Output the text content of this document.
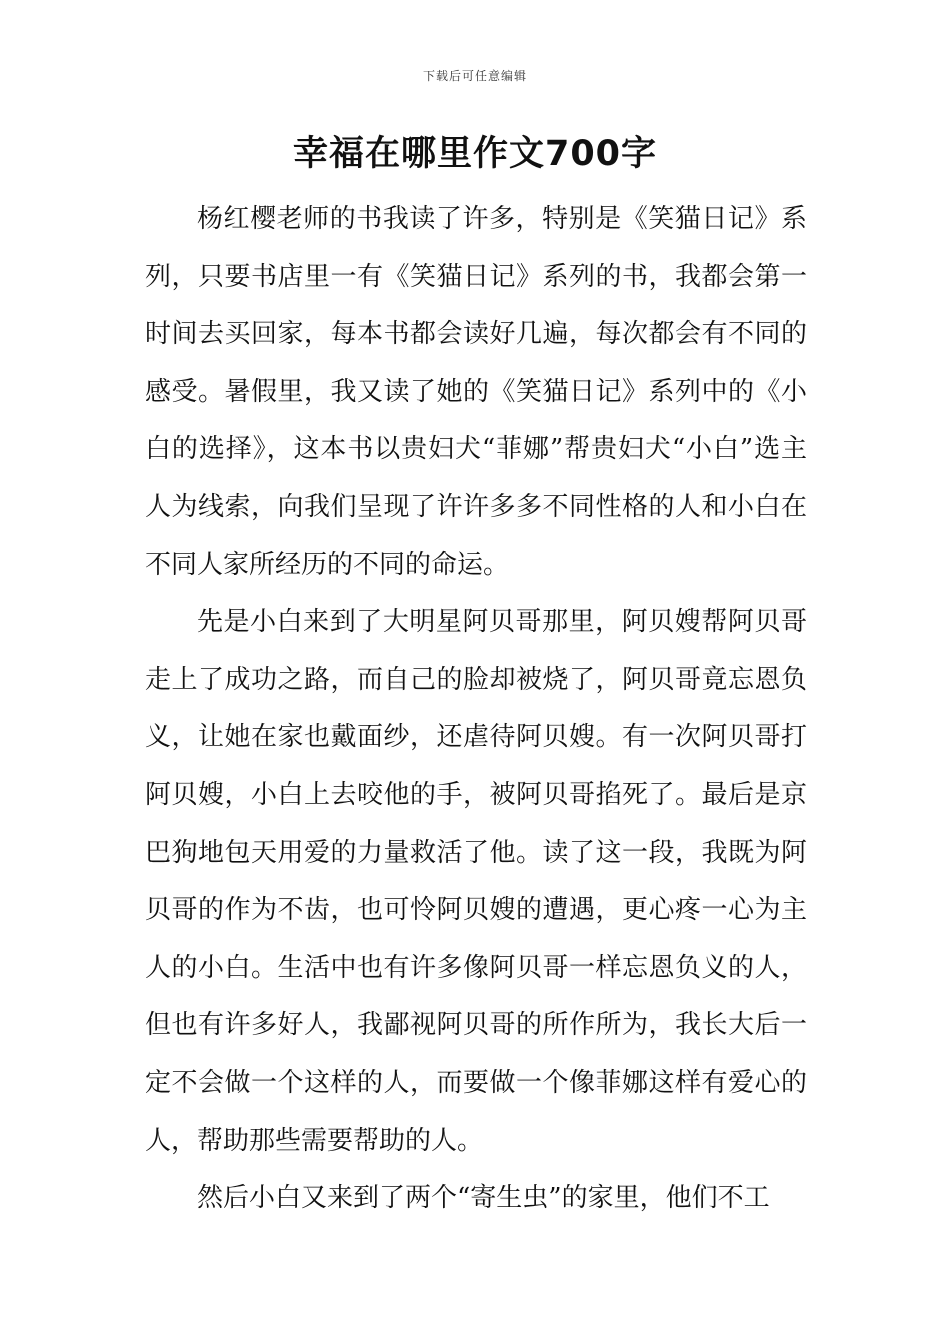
下载后可任意编辑
幸福在哪里作文700字

杨红樱老师的书我读了许多，特别是《笑猫日记》系列，只要书店里一有《笑猫日记》系列的书，我都会第一时间去买回家，每本书都会读好几遍，每次都会有不同的感受。暑假里，我又读了她的《笑猫日记》系列中的《小白的选择》，这本书以贵妇犬“菲娜”帮贵妇犬“小白”选主人为线索，向我们呈现了许许多多不同性格的人和小白在不同人家所经历的不同的命运。

先是小白来到了大明星阿贝哥那里，阿贝嫂帮阿贝哥走上了成功之路，而自己的脸却被烧了，阿贝哥竟忘恩负义，让她在家也戴面纱，还虐待阿贝嫂。有一次阿贝哥打阿贝嫂，小白上去咬他的手，被阿贝哥掐死了。最后是京巴狗地包天用爱的力量救活了他。读了这一段，我既为阿贝哥的作为不齿，也可怜阿贝嫂的遭遇，更心疼一心为主人的小白。生活中也有许多像阿贝哥一样忘恩负义的人，但也有许多好人，我鄙视阿贝哥的所作所为，我长大后一定不会做一个这样的人，而要做一个像菲娜这样有爱心的人，帮助那些需要帮助的人。

然后小白又来到了两个“寄生虫”的家里，他们不工
